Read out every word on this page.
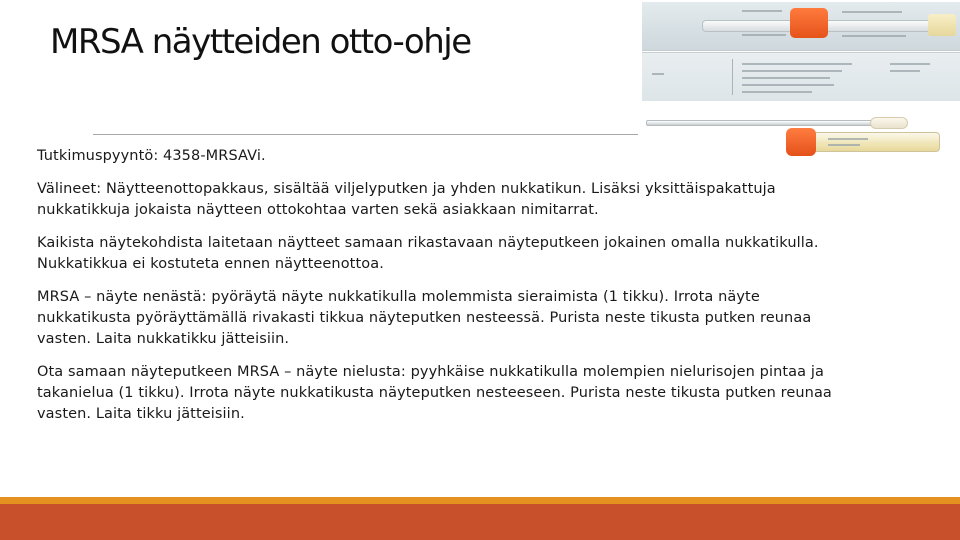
MRSA näytteiden otto-ohje

Tutkimuspyyntö: 4358-MRSAVi.

Välineet: Näytteenottopakkaus, sisältää viljelyputken ja yhden nukkatikun. Lisäksi yksittäispakattuja nukkatikkuja jokaista näytteen ottokohtaa varten sekä asiakkaan nimitarrat.

Kaikista näytekohdista laitetaan näytteet samaan rikastavaan näyteputkeen jokainen omalla nukkatikulla. Nukkatikkua ei kostuteta ennen näytteenottoa.

MRSA – näyte nenästä: pyöräytä näyte nukkatikulla molemmista sieraimista (1 tikku). Irrota näyte nukkatikusta pyöräyttämällä rivakasti tikkua näyteputken nesteessä. Purista neste tikusta putken reunaa vasten. Laita nukkatikku jätteisiin.

Ota samaan näyteputkeen MRSA – näyte nielusta: pyyhkäise nukkatikulla molempien nielurisojen pintaa ja takanielua (1 tikku). Irrota näyte nukkatikusta näyteputken nesteeseen. Purista neste tikusta putken reunaa vasten. Laita tikku jätteisiin.
